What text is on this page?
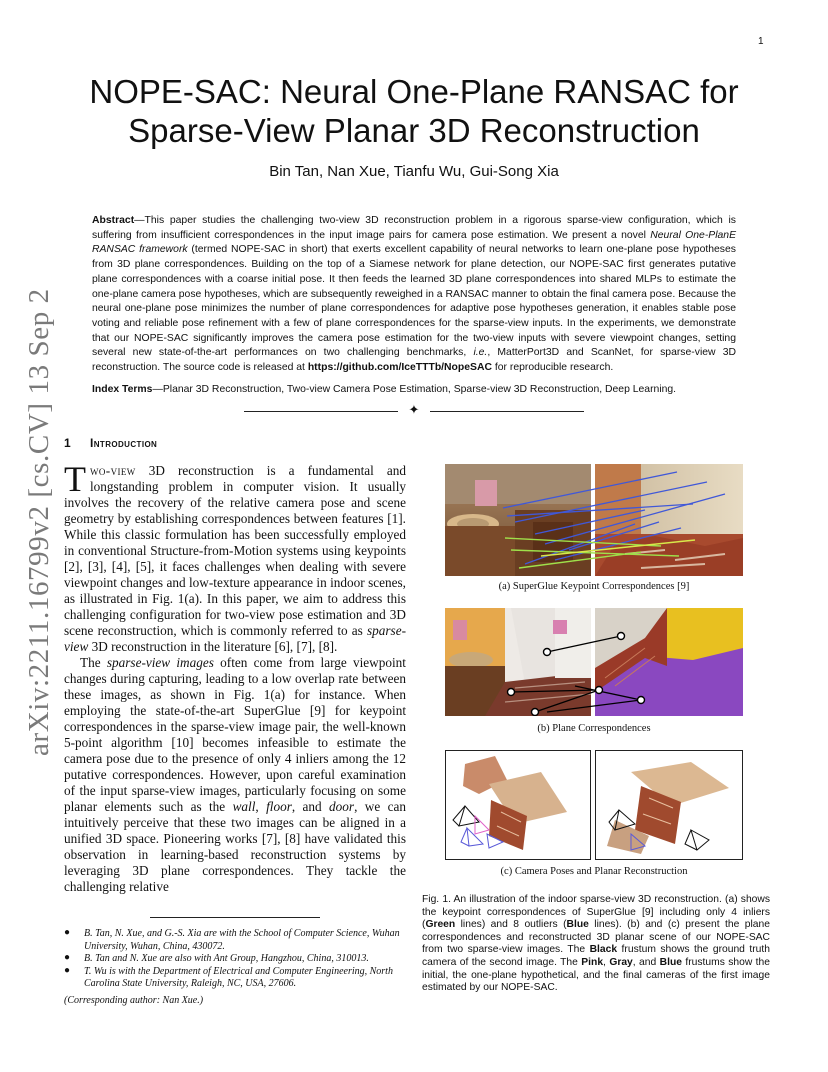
1
arXiv:2211.16799v2 [cs.CV] 13 Sep 2023
NOPE-SAC: Neural One-Plane RANSAC for
Sparse-View Planar 3D Reconstruction
Bin Tan, Nan Xue, Tianfu Wu, Gui-Song Xia
Abstract—This paper studies the challenging two-view 3D reconstruction problem in a rigorous sparse-view configuration, which is suffering from insufficient correspondences in the input image pairs for camera pose estimation. We present a novel Neural One-PlanE RANSAC framework (termed NOPE-SAC in short) that exerts excellent capability of neural networks to learn one-plane pose hypotheses from 3D plane correspondences. Building on the top of a Siamese network for plane detection, our NOPE-SAC first generates putative plane correspondences with a coarse initial pose. It then feeds the learned 3D plane correspondences into shared MLPs to estimate the one-plane camera pose hypotheses, which are subsequently reweighed in a RANSAC manner to obtain the final camera pose. Because the neural one-plane pose minimizes the number of plane correspondences for adaptive pose hypotheses generation, it enables stable pose voting and reliable pose refinement with a few of plane correspondences for the sparse-view inputs. In the experiments, we demonstrate that our NOPE-SAC significantly improves the camera pose estimation for the two-view inputs with severe viewpoint changes, setting several new state-of-the-art performances on two challenging benchmarks, i.e., MatterPort3D and ScanNet, for sparse-view 3D reconstruction. The source code is released at https://github.com/IceTTTb/NopeSAC for reproducible research.
Index Terms—Planar 3D Reconstruction, Two-view Camera Pose Estimation, Sparse-view 3D Reconstruction, Deep Learning.
✦
1 Introduction

Two-view 3D reconstruction is a fundamental and longstanding problem in computer vision. It usually involves the recovery of the relative camera pose and scene geometry by establishing correspondences between features [1]. While this classic formulation has been successfully employed in conventional Structure-from-Motion systems using keypoints [2], [3], [4], [5], it faces challenges when dealing with severe viewpoint changes and low-texture appearance in indoor scenes, as illustrated in Fig. 1(a). In this paper, we aim to address this challenging configuration for two-view pose estimation and 3D scene reconstruction, which is commonly referred to as sparse-view 3D reconstruction in the literature [6], [7], [8].

The sparse-view images often come from large viewpoint changes during capturing, leading to a low overlap rate between these images, as shown in Fig. 1(a) for instance. When employing the state-of-the-art SuperGlue [9] for keypoint correspondences in the sparse-view image pair, the well-known 5-point algorithm [10] becomes infeasible to estimate the camera pose due to the presence of only 4 inliers among the 12 putative correspondences. However, upon careful examination of the input sparse-view images, particularly focusing on some planar elements such as the wall, floor, and door, we can intuitively perceive that these two images can be aligned in a unified 3D space. Pioneering works [7], [8] have validated this observation in learning-based reconstruction systems by leveraging 3D plane correspondences. They tackle the challenging relative

● B. Tan, N. Xue, and G.-S. Xia are with the School of Computer Science, Wuhan University, Wuhan, China, 430072.
● B. Tan and N. Xue are also with Ant Group, Hangzhou, China, 310013.
● T. Wu is with the Department of Electrical and Computer Engineering, North Carolina State University, Raleigh, NC, USA, 27606.
(Corresponding author: Nan Xue.)
(a) SuperGlue Keypoint Correspondences [9]
(b) Plane Correspondences
(c) Camera Poses and Planar Reconstruction
Fig. 1. An illustration of the indoor sparse-view 3D reconstruction. (a) shows the keypoint correspondences of SuperGlue [9] including only 4 inliers (Green lines) and 8 outliers (Blue lines). (b) and (c) present the plane correspondences and reconstructed 3D planar scene of our NOPE-SAC from two sparse-view images. The Black frustum shows the ground truth camera of the second image. The Pink, Gray, and Blue frustums show the initial, the one-plane hypothetical, and the final cameras of the first image estimated by our NOPE-SAC.
